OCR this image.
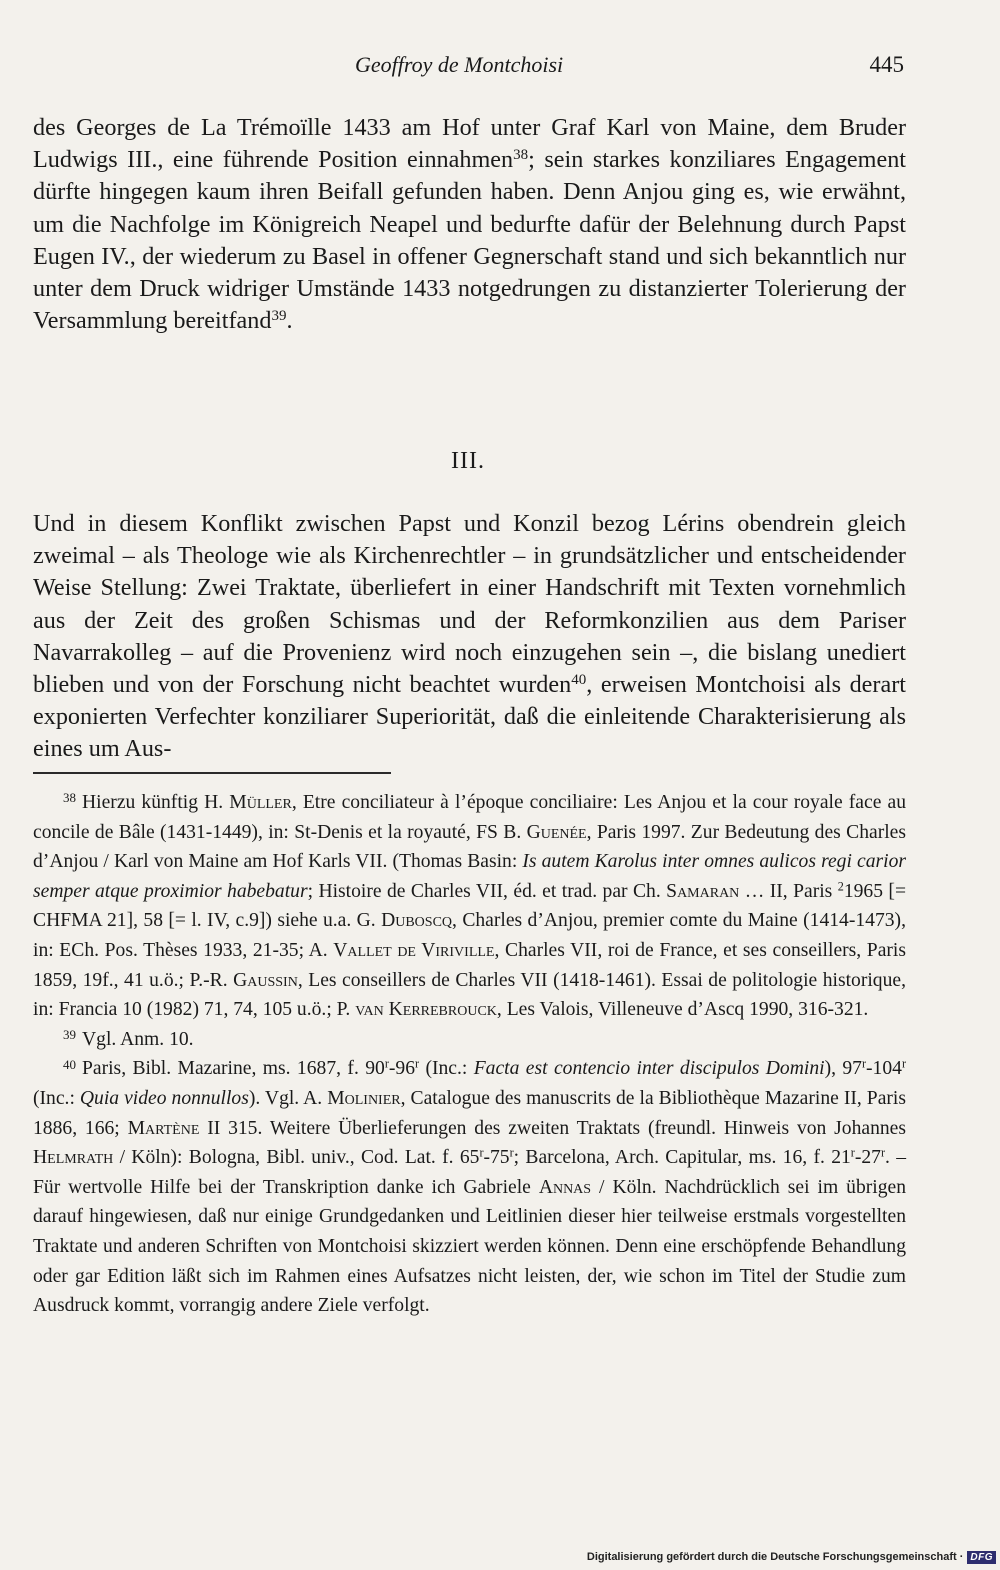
Geoffroy de Montchoisi	445

des Georges de La Trémoïlle 1433 am Hof unter Graf Karl von Maine, dem Bruder Ludwigs III., eine führende Position einnahmen$^{38}$; sein starkes konziliares Engagement dürfte hingegen kaum ihren Beifall gefunden haben. Denn Anjou ging es, wie erwähnt, um die Nachfolge im Königreich Neapel und bedurfte dafür der Belehnung durch Papst Eugen IV., der wiederum zu Basel in offener Gegnerschaft stand und sich bekanntlich nur unter dem Druck widriger Umstände 1433 notgedrungen zu distanzierter Tolerierung der Versammlung bereitfand$^{39}$.

III.

Und in diesem Konflikt zwischen Papst und Konzil bezog Lérins obendrein gleich zweimal – als Theologe wie als Kirchenrechtler – in grundsätzlicher und entscheidender Weise Stellung: Zwei Traktate, überliefert in einer Handschrift mit Texten vornehmlich aus der Zeit des großen Schismas und der Reformkonzilien aus dem Pariser Navarrakolleg – auf die Provenienz wird noch einzugehen sein –, die bislang unediert blieben und von der Forschung nicht beachtet wurden$^{40}$, erweisen Montchoisi als derart exponierten Verfechter konziliarer Superiorität, daß die einleitende Charakterisierung als eines um Aus-

$^{38}$ Hierzu künftig H. Müller, Etre conciliateur à l’époque conciliaire: Les Anjou et la cour royale face au concile de Bâle (1431-1449), in: St-Denis et la royauté, FS B. Guenée, Paris 1997. Zur Bedeutung des Charles d’Anjou / Karl von Maine am Hof Karls VII. (Thomas Basin: Is autem Karolus inter omnes aulicos regi carior semper atque proximior habebatur; Histoire de Charles VII, éd. et trad. par Ch. Samaran … II, Paris $^2$1965 [= CHFMA 21], 58 [= l. IV, c.9]) siehe u.a. G. Duboscq, Charles d’Anjou, premier comte du Maine (1414-1473), in: ECh. Pos. Thèses 1933, 21-35; A. Vallet de Viriville, Charles VII, roi de France, et ses conseillers, Paris 1859, 19f., 41 u.ö.; P.-R. Gaussin, Les conseillers de Charles VII (1418-1461). Essai de politologie historique, in: Francia 10 (1982) 71, 74, 105 u.ö.; P. van Kerrebrouck, Les Valois, Villeneuve d’Ascq 1990, 316-321.

$^{39}$ Vgl. Anm. 10.

$^{40}$ Paris, Bibl. Mazarine, ms. 1687, f. 90$^r$-96$^r$ (Inc.: Facta est contencio inter discipulos Domini), 97$^r$-104$^r$ (Inc.: Quia video nonnullos). Vgl. A. Molinier, Catalogue des manuscrits de la Bibliothèque Mazarine II, Paris 1886, 166; Martène II 315. Weitere Überlieferungen des zweiten Traktats (freundl. Hinweis von Johannes Helmrath / Köln): Bologna, Bibl. univ., Cod. Lat. f. 65$^r$-75$^r$; Barcelona, Arch. Capitular, ms. 16, f. 21$^r$-27$^r$. – Für wertvolle Hilfe bei der Transkription danke ich Gabriele Annas / Köln. Nachdrücklich sei im übrigen darauf hingewiesen, daß nur einige Grundgedanken und Leitlinien dieser hier teilweise erstmals vorgestellten Traktate und anderen Schriften von Montchoisi skizziert werden können. Denn eine erschöpfende Behandlung oder gar Edition läßt sich im Rahmen eines Aufsatzes nicht leisten, der, wie schon im Titel der Studie zum Ausdruck kommt, vorrangig andere Ziele verfolgt.

Digitalisierung gefördert durch die Deutsche Forschungsgemeinschaft · DFG
